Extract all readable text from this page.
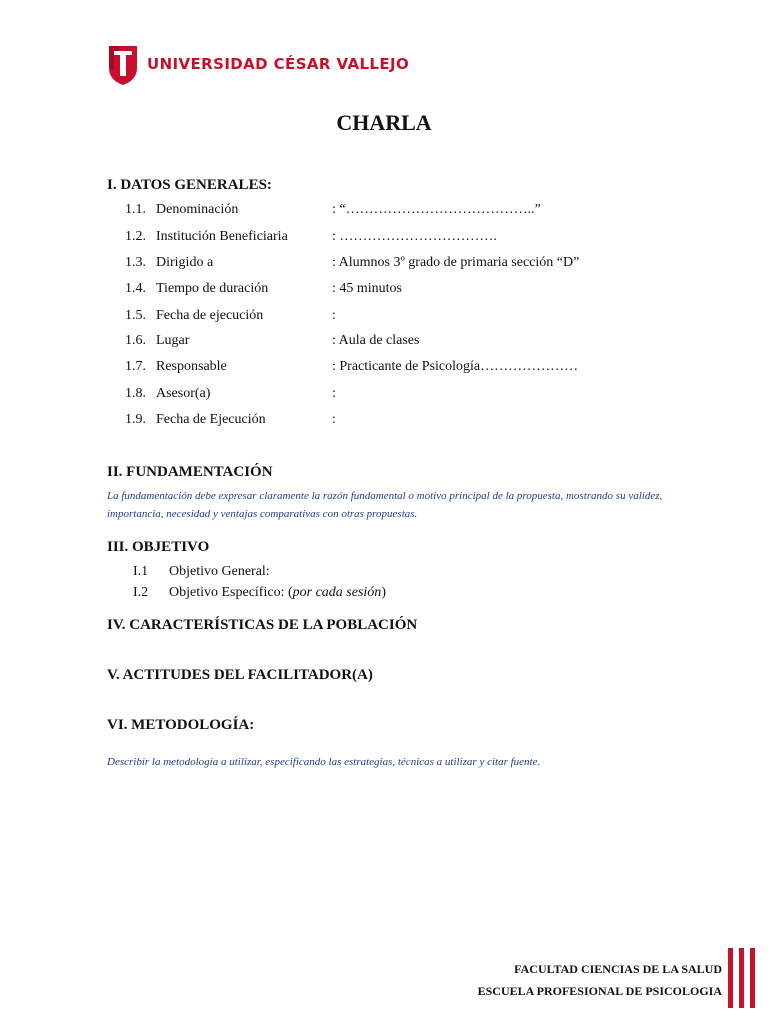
UNIVERSIDAD CÉSAR VALLEJO
CHARLA
I. DATOS GENERALES:
1.1. Denominación	: “…………………………………..”
1.2. Institución Beneficiaria	: …………………………….
1.3. Dirigido a	: Alumnos 3º grado de primaria sección “D”
1.4. Tiempo de duración	: 45 minutos
1.5. Fecha de ejecución	:
1.6. Lugar	: Aula de clases
1.7. Responsable	: Practicante de Psicología…………………
1.8. Asesor(a)	:
1.9. Fecha de Ejecución	:
II. FUNDAMENTACIÓN
La fundamentación debe expresar claramente la razón fundamental o motivo principal de la propuesta, mostrando su validez, importancia, necesidad y ventajas comparativas con otras propuestas.
III. OBJETIVO
I.1 Objetivo General:
I.2 Objetivo Específico: (por cada sesión)
IV. CARACTERÍSTICAS DE LA POBLACIÓN
V. ACTITUDES DEL FACILITADOR(A)
VI. METODOLOGÍA:
Describir la metodología a utilizar, especificando las estrategias, técnicas a utilizar y citar fuente.
FACULTAD CIENCIAS DE LA SALUD
ESCUELA PROFESIONAL DE PSICOLOGIA
